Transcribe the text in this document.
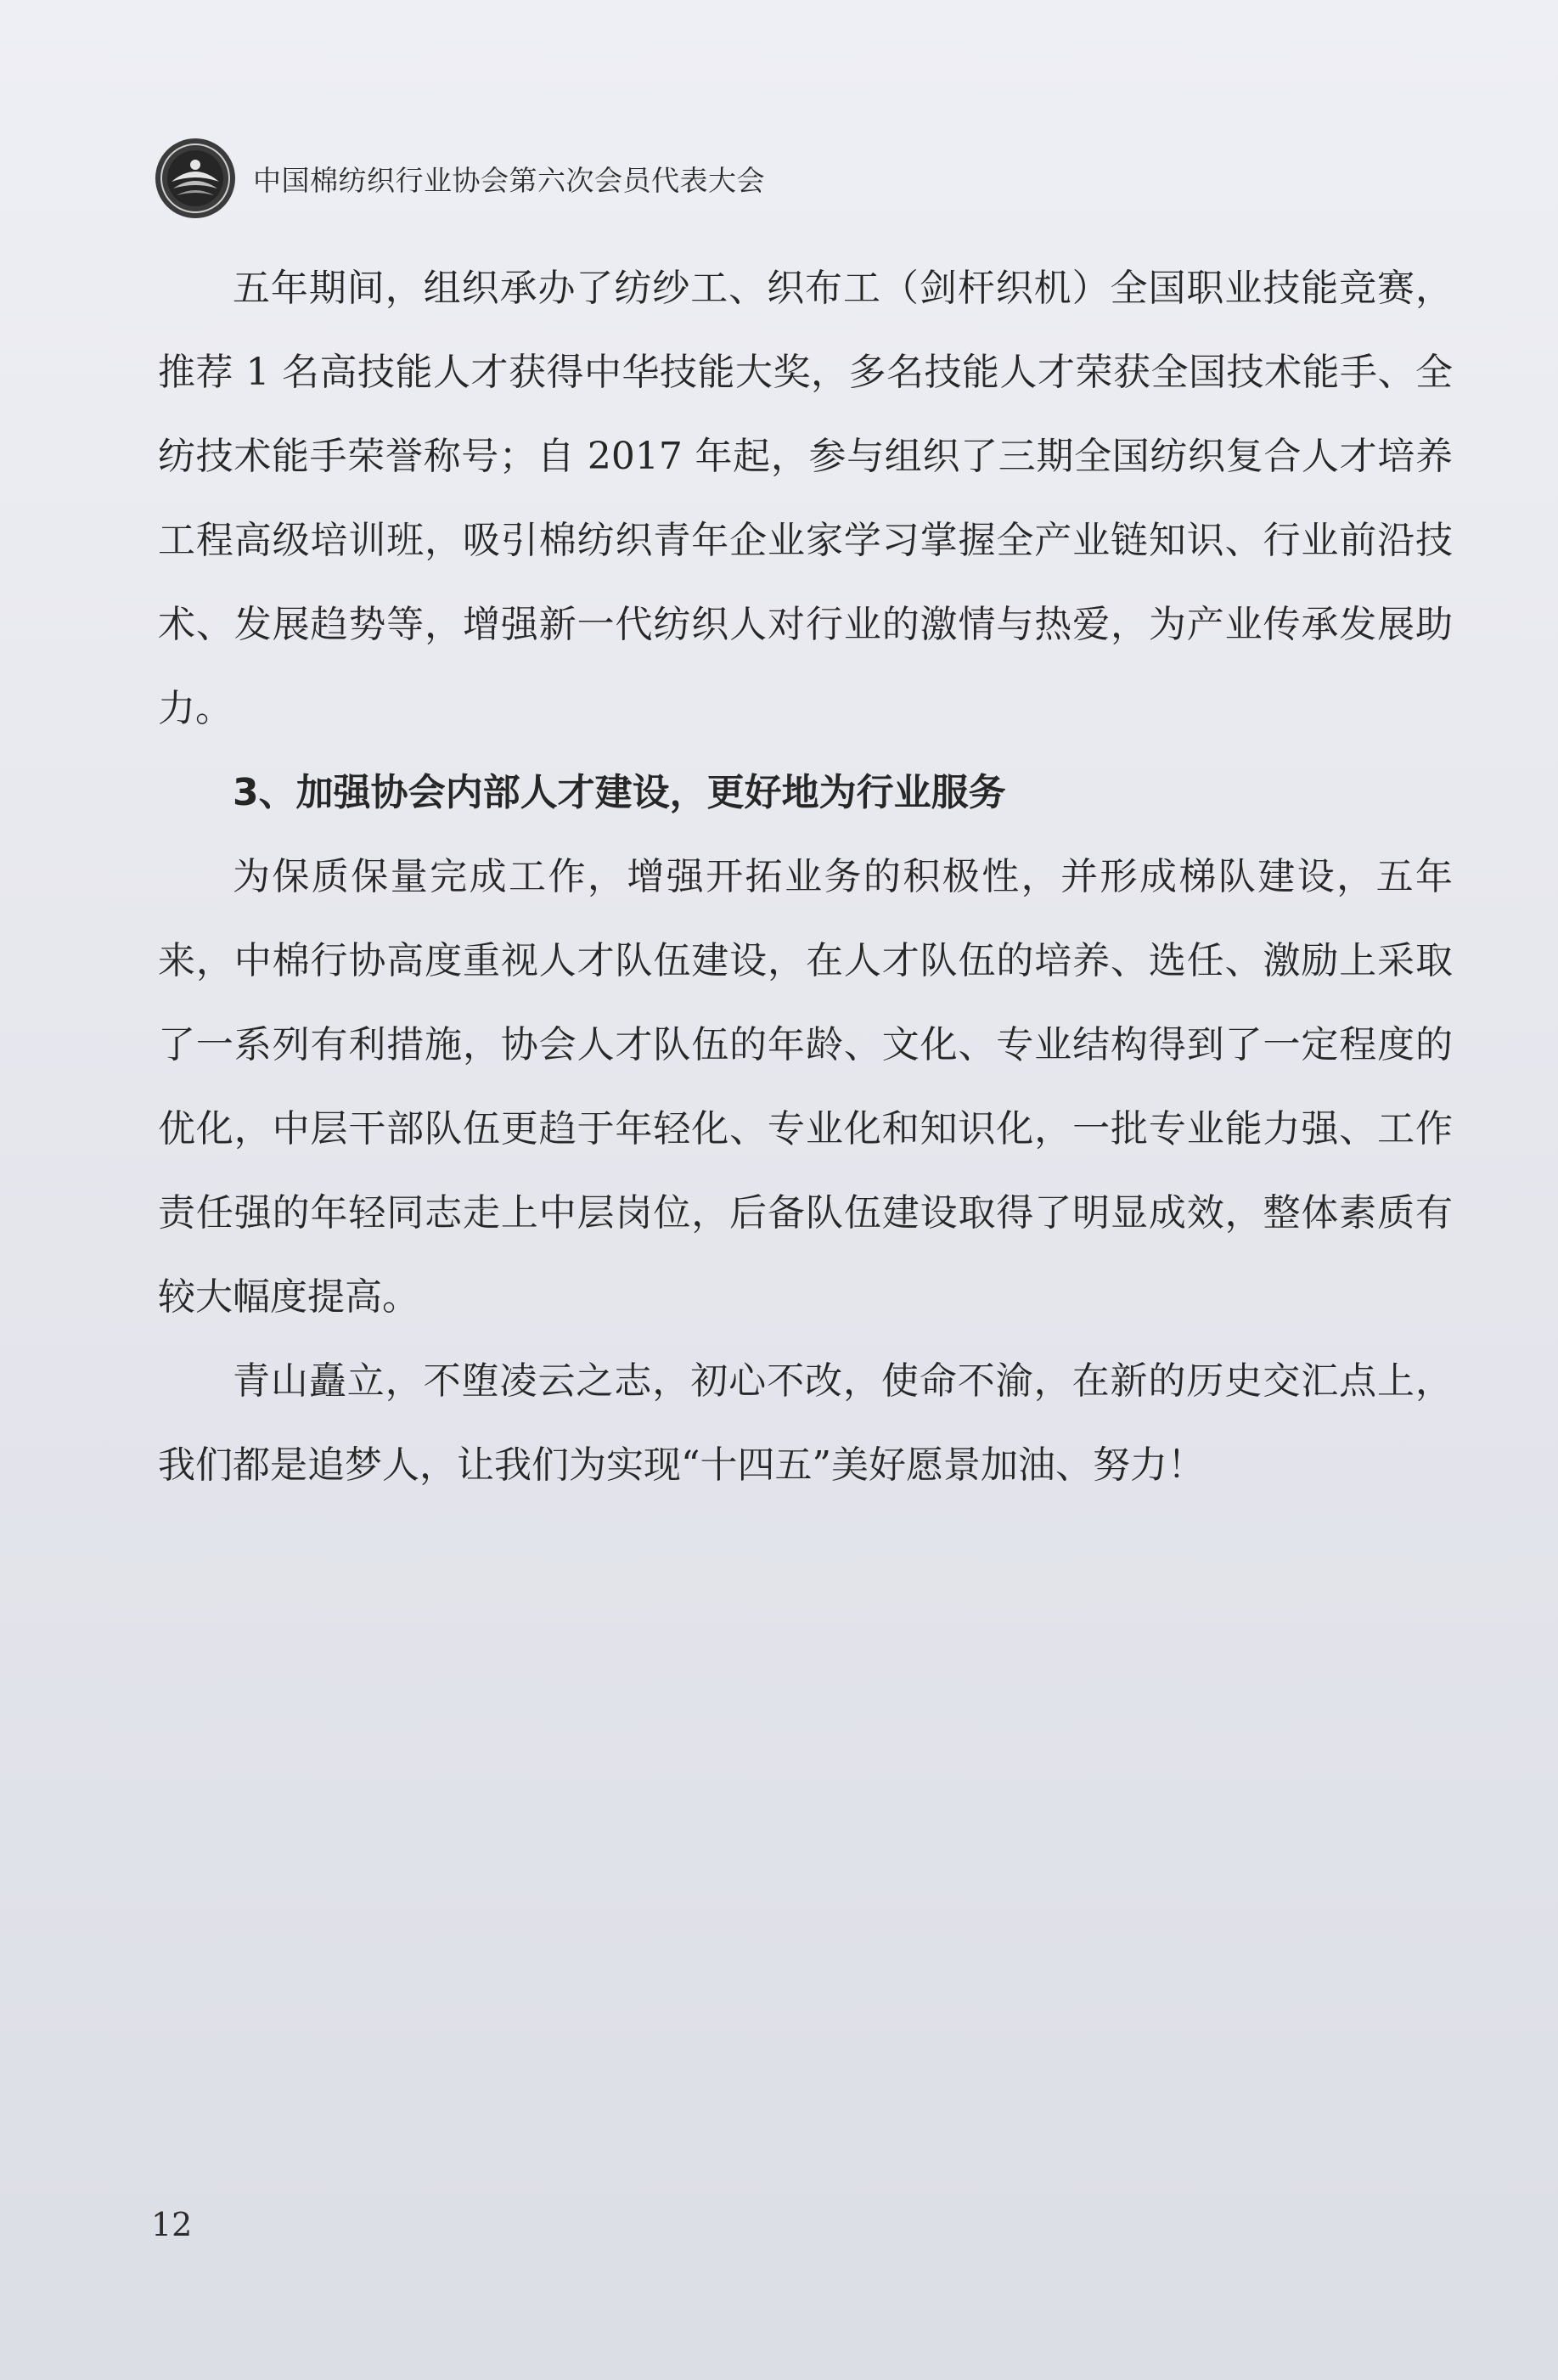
中国棉纺织行业协会第六次会员代表大会

五年期间，组织承办了纺纱工、织布工（剑杆织机）全国职业技能竞赛，推荐 1 名高技能人才获得中华技能大奖，多名技能人才荣获全国技术能手、全纺技术能手荣誉称号；自 2017 年起，参与组织了三期全国纺织复合人才培养工程高级培训班，吸引棉纺织青年企业家学习掌握全产业链知识、行业前沿技术、发展趋势等，增强新一代纺织人对行业的激情与热爱，为产业传承发展助力。

3、加强协会内部人才建设，更好地为行业服务

为保质保量完成工作，增强开拓业务的积极性，并形成梯队建设，五年来，中棉行协高度重视人才队伍建设，在人才队伍的培养、选任、激励上采取了一系列有利措施，协会人才队伍的年龄、文化、专业结构得到了一定程度的优化，中层干部队伍更趋于年轻化、专业化和知识化，一批专业能力强、工作责任强的年轻同志走上中层岗位，后备队伍建设取得了明显成效，整体素质有较大幅度提高。

青山矗立，不堕凌云之志，初心不改，使命不渝，在新的历史交汇点上，我们都是追梦人，让我们为实现“十四五”美好愿景加油、努力！

12
